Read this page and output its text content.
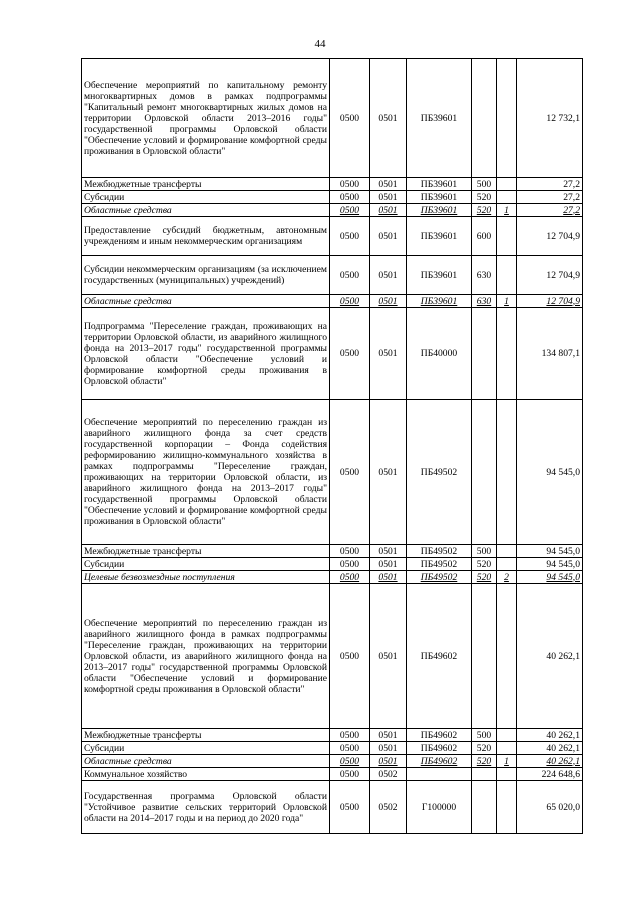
44
Обеспечение мероприятий по капитальному ремонту многоквартирных домов в рамках подпрограммы "Капитальный ремонт многоквартирных жилых домов на территории Орловской области 2013–2016 годы" государственной программы Орловской области "Обеспечение условий и формирование комфортной среды проживания в Орловской области"	0500	0501	ПБ39601			12 732,1
Межбюджетные трансферты	0500	0501	ПБ39601	500		27,2
Субсидии	0500	0501	ПБ39601	520		27,2
Областные средства	0500	0501	ПБ39601	520	1	27,2
Предоставление субсидий бюджетным, автономным учреждениям и иным некоммерческим организациям	0500	0501	ПБ39601	600		12 704,9
Субсидии некоммерческим организациям (за исключением государственных (муниципальных) учреждений)	0500	0501	ПБ39601	630		12 704,9
Областные средства	0500	0501	ПБ39601	630	1	12 704,9
Подпрограмма "Переселение граждан, проживающих на территории Орловской области, из аварийного жилищного фонда на 2013–2017 годы" государственной программы Орловской области "Обеспечение условий и формирование комфортной среды проживания в Орловской области"	0500	0501	ПБ40000			134 807,1
Обеспечение мероприятий по переселению граждан из аварийного жилищного фонда за счет средств государственной корпорации – Фонда содействия реформированию жилищно-коммунального хозяйства в рамках подпрограммы "Переселение граждан, проживающих на территории Орловской области, из аварийного жилищного фонда на 2013–2017 годы" государственной программы Орловской области "Обеспечение условий и формирование комфортной среды проживания в Орловской области"	0500	0501	ПБ49502			94 545,0
Межбюджетные трансферты	0500	0501	ПБ49502	500		94 545,0
Субсидии	0500	0501	ПБ49502	520		94 545,0
Целевые безвозмездные поступления	0500	0501	ПБ49502	520	2	94 545,0
Обеспечение мероприятий по переселению граждан из аварийного жилищного фонда в рамках подпрограммы "Переселение граждан, проживающих на территории Орловской области, из аварийного жилищного фонда на 2013–2017 годы" государственной программы Орловской области "Обеспечение условий и формирование комфортной среды проживания в Орловской области"	0500	0501	ПБ49602			40 262,1
Межбюджетные трансферты	0500	0501	ПБ49602	500		40 262,1
Субсидии	0500	0501	ПБ49602	520		40 262,1
Областные средства	0500	0501	ПБ49602	520	1	40 262,1
Коммунальное хозяйство	0500	0502				224 648,6
Государственная программа Орловской области "Устойчивое развитие сельских территорий Орловской области на 2014–2017 годы и на период до 2020 года"	0500	0502	Г100000			65 020,0
